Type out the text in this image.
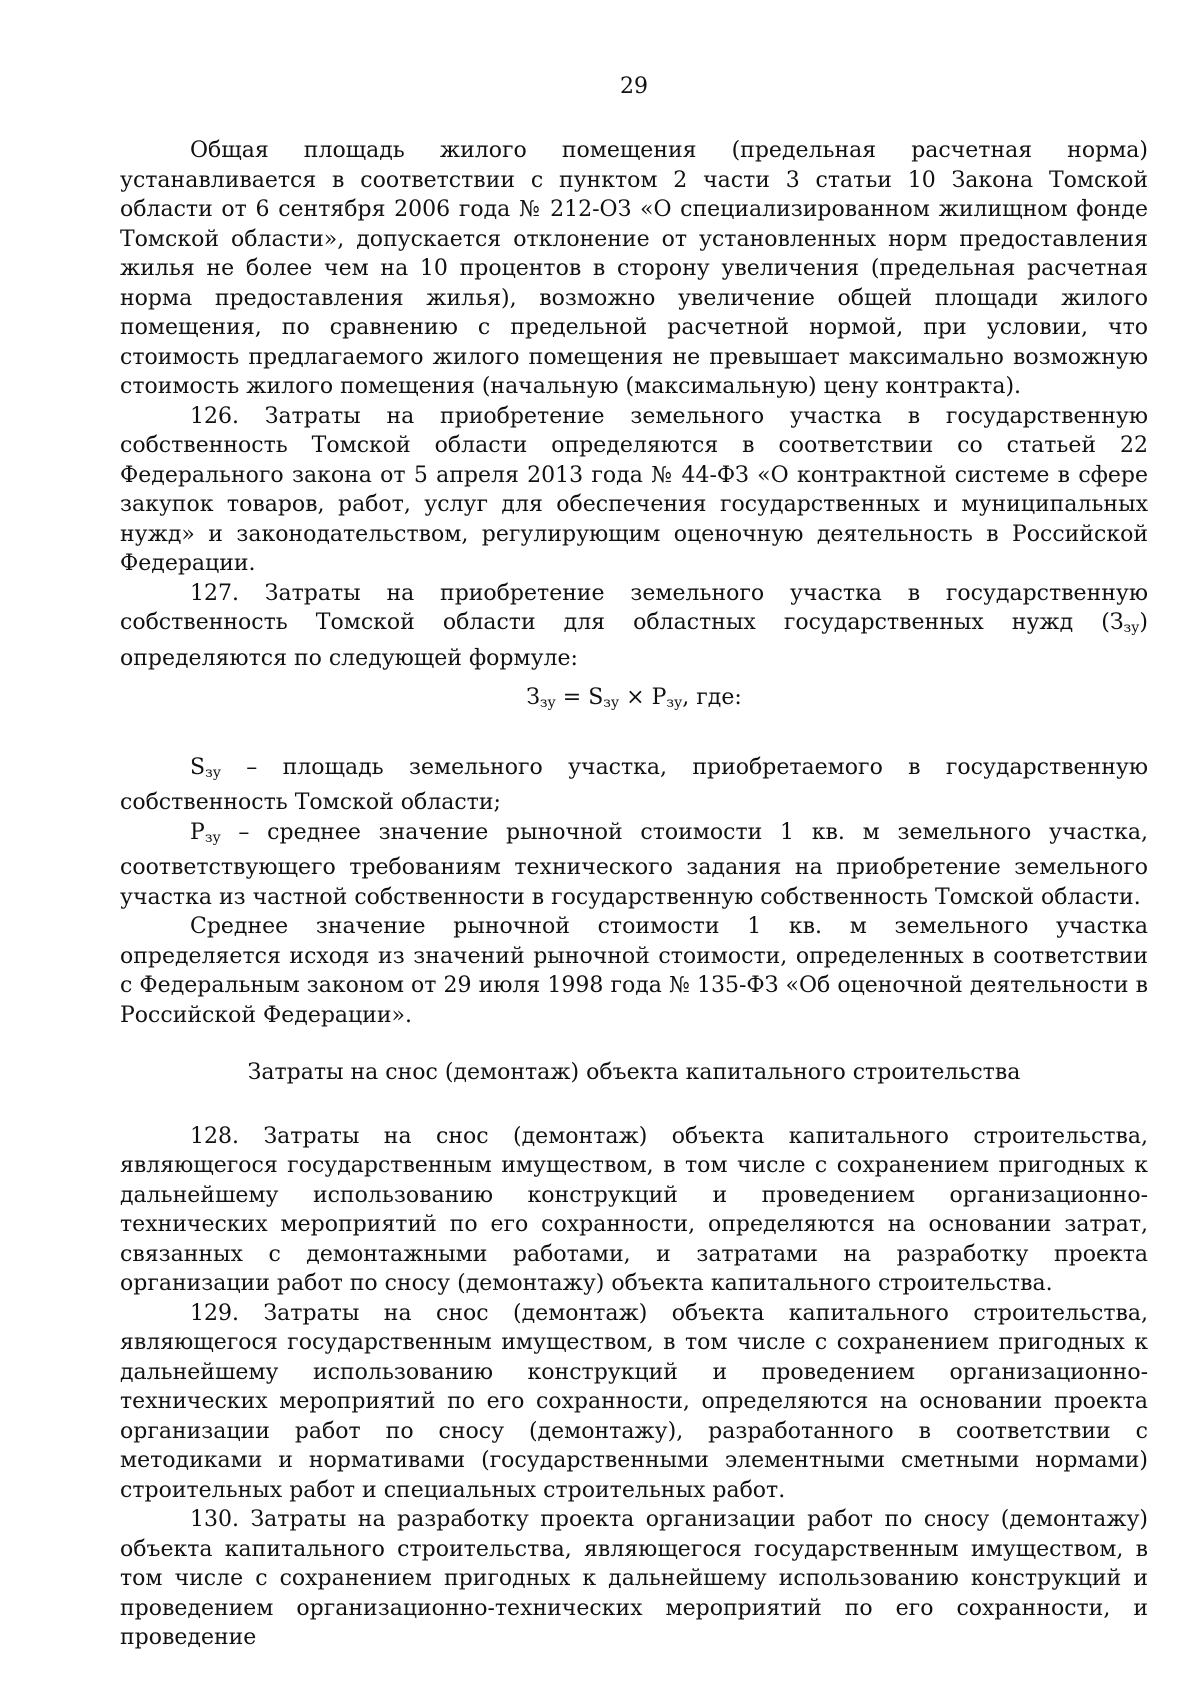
29

Общая площадь жилого помещения (предельная расчетная норма) устанавливается в соответствии с пунктом 2 части 3 статьи 10 Закона Томской области от 6 сентября 2006 года № 212-ОЗ «О специализированном жилищном фонде Томской области», допускается отклонение от установленных норм предоставления жилья не более чем на 10 процентов в сторону увеличения (предельная расчетная норма предоставления жилья), возможно увеличение общей площади жилого помещения, по сравнению с предельной расчетной нормой, при условии, что стоимость предлагаемого жилого помещения не превышает максимально возможную стоимость жилого помещения (начальную (максимальную) цену контракта).

126. Затраты на приобретение земельного участка в государственную собственность Томской области определяются в соответствии со статьей 22 Федерального закона от 5 апреля 2013 года № 44-ФЗ «О контрактной системе в сфере закупок товаров, работ, услуг для обеспечения государственных и муниципальных нужд» и законодательством, регулирующим оценочную деятельность в Российской Федерации.

127. Затраты на приобретение земельного участка в государственную собственность Томской области для областных государственных нужд $(З_{зу})$ определяются по следующей формуле:

$З_{зу} = S_{зу} \times P_{зу}$, где:

$S_{зу}$ – площадь земельного участка, приобретаемого в государственную собственность Томской области;

$P_{зу}$ – среднее значение рыночной стоимости 1 кв. м земельного участка, соответствующего требованиям технического задания на приобретение земельного участка из частной собственности в государственную собственность Томской области.

Среднее значение рыночной стоимости 1 кв. м земельного участка определяется исходя из значений рыночной стоимости, определенных в соответствии с Федеральным законом от 29 июля 1998 года № 135-ФЗ «Об оценочной деятельности в Российской Федерации».

Затраты на снос (демонтаж) объекта капитального строительства

128. Затраты на снос (демонтаж) объекта капитального строительства, являющегося государственным имуществом, в том числе с сохранением пригодных к дальнейшему использованию конструкций и проведением организационно-технических мероприятий по его сохранности, определяются на основании затрат, связанных с демонтажными работами, и затратами на разработку проекта организации работ по сносу (демонтажу) объекта капитального строительства.

129. Затраты на снос (демонтаж) объекта капитального строительства, являющегося государственным имуществом, в том числе с сохранением пригодных к дальнейшему использованию конструкций и проведением организационно-технических мероприятий по его сохранности, определяются на основании проекта организации работ по сносу (демонтажу), разработанного в соответствии с методиками и нормативами (государственными элементными сметными нормами) строительных работ и специальных строительных работ.

130. Затраты на разработку проекта организации работ по сносу (демонтажу) объекта капитального строительства, являющегося государственным имуществом, в том числе с сохранением пригодных к дальнейшему использованию конструкций и проведением организационно-технических мероприятий по его сохранности, и проведение
